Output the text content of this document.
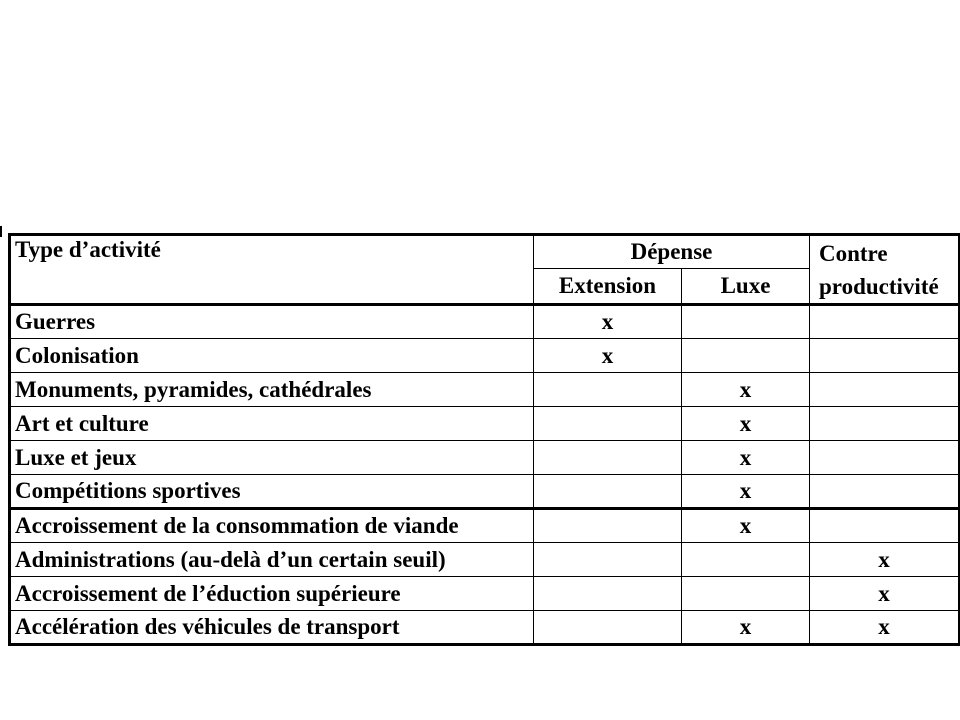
Type d’activité	Dépense		Contre productivité
	Extension	Luxe	
Guerres	x		
Colonisation	x		
Monuments, pyramides, cathédrales		x	
Art et culture		x	
Luxe et jeux		x	
Compétitions sportives		x	
Accroissement de la consommation de viande		x	
Administrations (au-delà d’un certain seuil)			x
Accroissement de l’éduction supérieure			x
Accélération des véhicules de transport		x	x
